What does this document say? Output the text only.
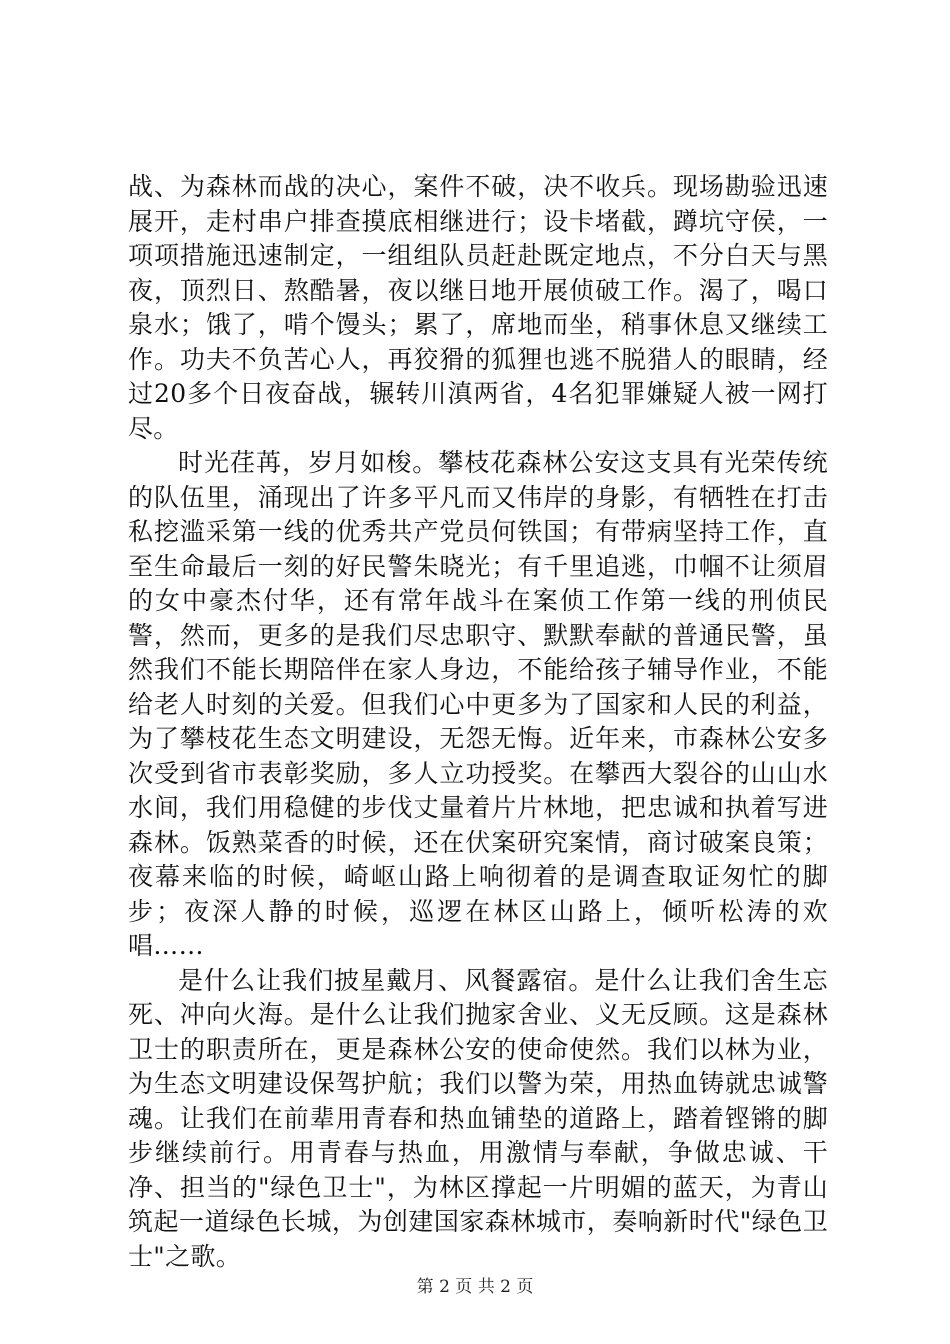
战、为森林而战的决心，案件不破，决不收兵。现场勘验迅速展开，走村串户排查摸底相继进行；设卡堵截，蹲坑守侯，一项项措施迅速制定，一组组队员赶赴既定地点，不分白天与黑夜，顶烈日、熬酷暑，夜以继日地开展侦破工作。渴了，喝口泉水；饿了，啃个馒头；累了，席地而坐，稍事休息又继续工作。功夫不负苦心人，再狡猾的狐狸也逃不脱猎人的眼睛，经过20多个日夜奋战，辗转川滇两省，4名犯罪嫌疑人被一网打尽。

时光荏苒，岁月如梭。攀枝花森林公安这支具有光荣传统的队伍里，涌现出了许多平凡而又伟岸的身影，有牺牲在打击私挖滥采第一线的优秀共产党员何铁国；有带病坚持工作，直至生命最后一刻的好民警朱晓光；有千里追逃，巾帼不让须眉的女中豪杰付华，还有常年战斗在案侦工作第一线的刑侦民警，然而，更多的是我们尽忠职守、默默奉献的普通民警，虽然我们不能长期陪伴在家人身边，不能给孩子辅导作业，不能给老人时刻的关爱。但我们心中更多为了国家和人民的利益，为了攀枝花生态文明建设，无怨无悔。近年来，市森林公安多次受到省市表彰奖励，多人立功授奖。在攀西大裂谷的山山水水间，我们用稳健的步伐丈量着片片林地，把忠诚和执着写进森林。饭熟菜香的时候，还在伏案研究案情，商讨破案良策；夜幕来临的时候，崎岖山路上响彻着的是调查取证匆忙的脚步；夜深人静的时候，巡逻在林区山路上，倾听松涛的欢唱……

是什么让我们披星戴月、风餐露宿。是什么让我们舍生忘死、冲向火海。是什么让我们抛家舍业、义无反顾。这是森林卫士的职责所在，更是森林公安的使命使然。我们以林为业，为生态文明建设保驾护航；我们以警为荣，用热血铸就忠诚警魂。让我们在前辈用青春和热血铺垫的道路上，踏着铿锵的脚步继续前行。用青春与热血，用激情与奉献，争做忠诚、干净、担当的"绿色卫士"，为林区撑起一片明媚的蓝天，为青山筑起一道绿色长城，为创建国家森林城市，奏响新时代"绿色卫士"之歌。

第 2 页 共 2 页
